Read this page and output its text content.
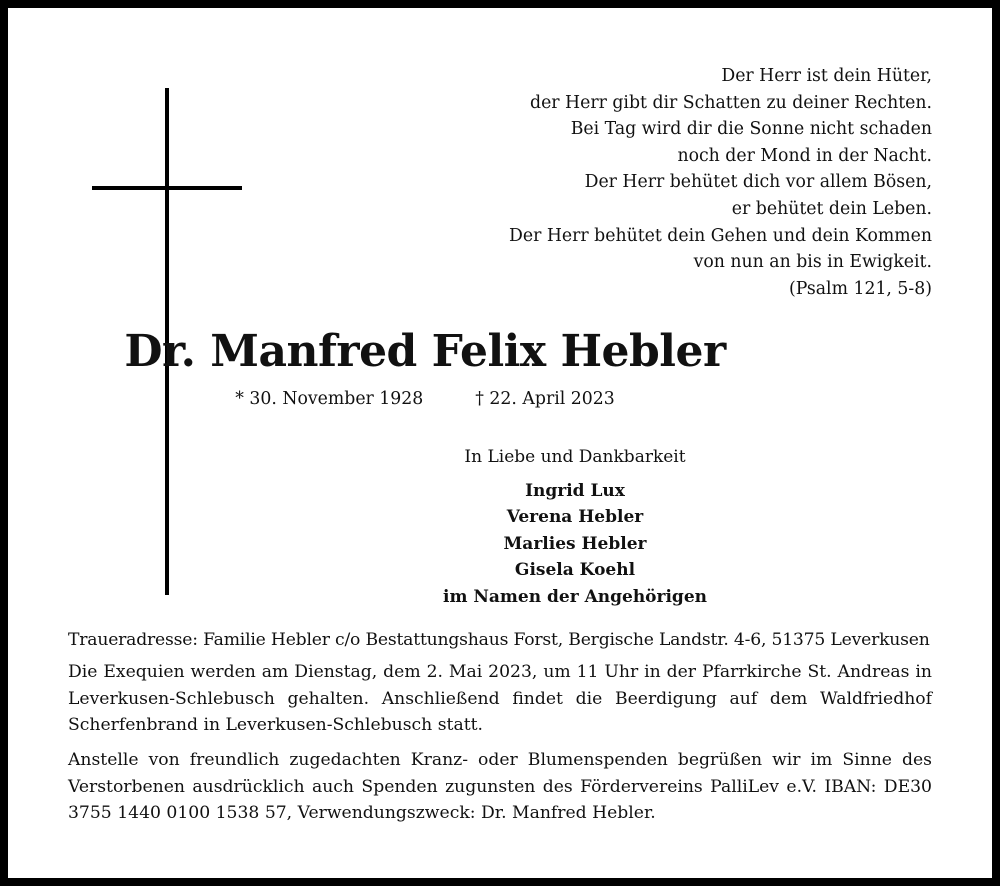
Der Herr ist dein Hüter,
der Herr gibt dir Schatten zu deiner Rechten.
Bei Tag wird dir die Sonne nicht schaden
noch der Mond in der Nacht.
Der Herr behütet dich vor allem Bösen,
er behütet dein Leben.
Der Herr behütet dein Gehen und dein Kommen
von nun an bis in Ewigkeit.
(Psalm 121, 5-8)
Dr. Manfred Felix Hebler
* 30. November 1928	† 22. April 2023
In Liebe und Dankbarkeit
Ingrid Lux
Verena Hebler
Marlies Hebler
Gisela Koehl
im Namen der Angehörigen
Traueradresse: Familie Hebler c/o Bestattungshaus Forst, Bergische Landstr. 4-6, 51375 Leverkusen
Die Exequien werden am Dienstag, dem 2. Mai 2023, um 11 Uhr in der Pfarrkirche St. Andreas in Leverkusen-Schlebusch gehalten. Anschließend findet die Beerdigung auf dem Waldfriedhof Scherfenbrand in Leverkusen-Schlebusch statt.
Anstelle von freundlich zugedachten Kranz- oder Blumenspenden begrüßen wir im Sinne des Verstorbenen ausdrücklich auch Spenden zugunsten des Fördervereins PalliLev e.V. IBAN: DE30 3755 1440 0100 1538 57, Verwendungszweck: Dr. Manfred Hebler.
